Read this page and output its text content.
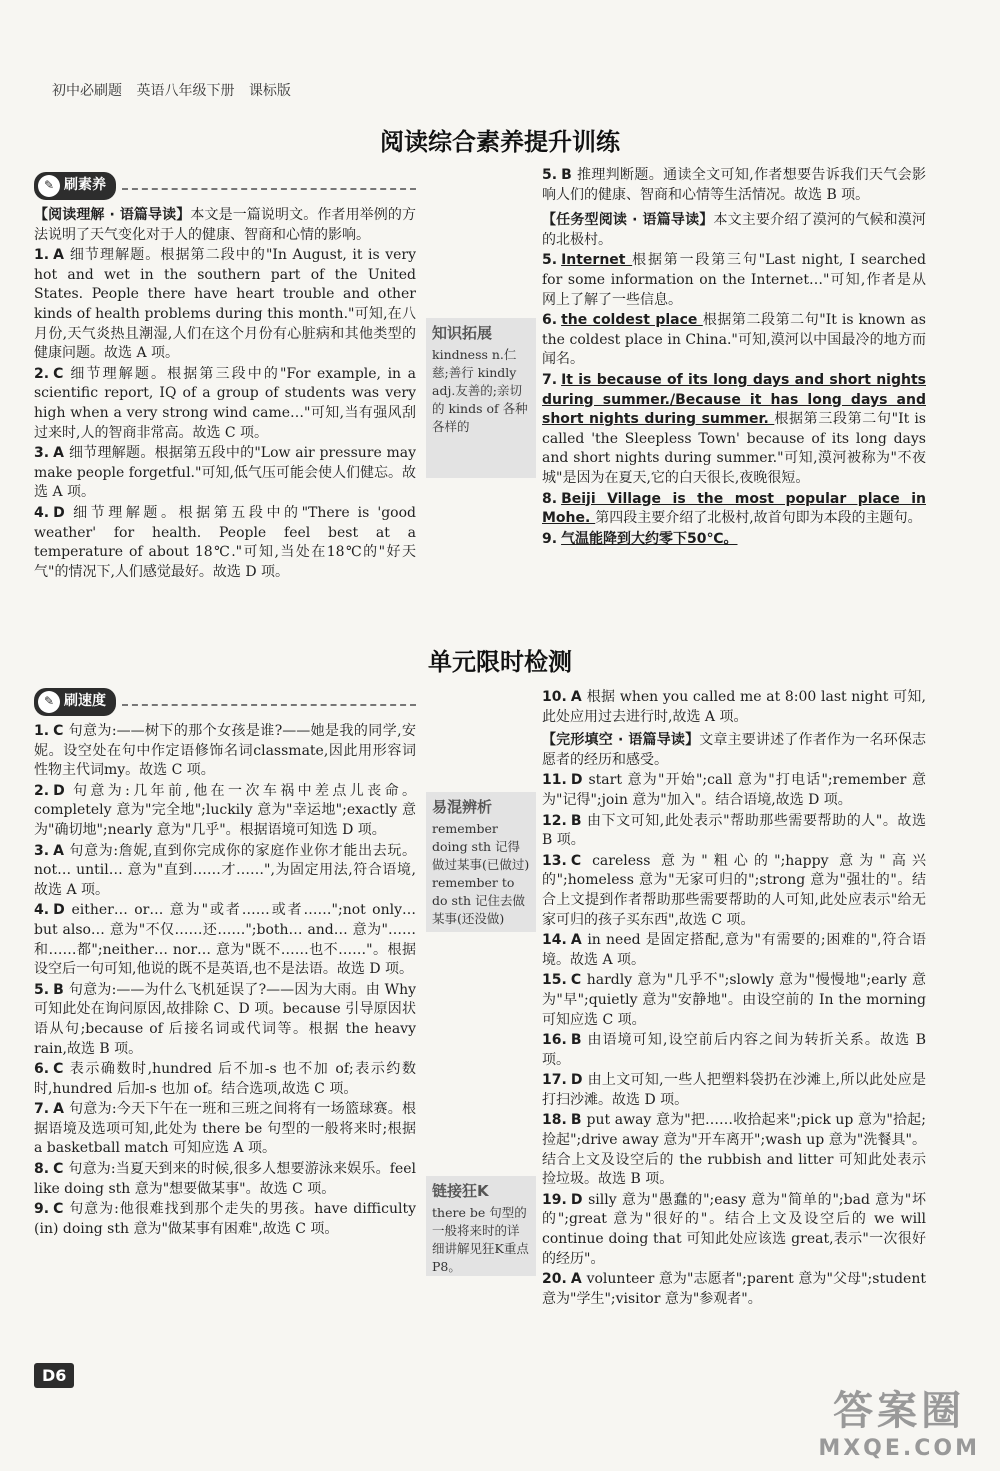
初中必刷题 英语八年级下册 课标版
阅读综合素养提升训练
✎ 刷素养

【阅读理解 · 语篇导读】本文是一篇说明文。作者用举例的方法说明了天气变化对于人的健康、智商和心情的影响。

1. A 细节理解题。根据第二段中的"In August, it is very hot and wet in the southern part of the United States. People there have heart trouble and other kinds of health problems during this month."可知,在八月份,天气炎热且潮湿,人们在这个月份有心脏病和其他类型的健康问题。故选 A 项。

2. C 细节理解题。根据第三段中的"For example, in a scientific report, IQ of a group of students was very high when a very strong wind came…"可知,当有强风刮过来时,人的智商非常高。故选 C 项。

3. A 细节理解题。根据第五段中的"Low air pressure may make people forgetful."可知,低气压可能会使人们健忘。故选 A 项。

4. D 细节理解题。根据第五段中的"There is 'good weather' for health. People feel best at a temperature of about 18℃."可知,当处在18℃的"好天气"的情况下,人们感觉最好。故选 D 项。

知识拓展
kindness n.仁慈;善行 kindly adj.友善的;亲切的 kinds of 各种各样的

5. B 推理判断题。通读全文可知,作者想要告诉我们天气会影响人们的健康、智商和心情等生活情况。故选 B 项。

【任务型阅读 · 语篇导读】本文主要介绍了漠河的气候和漠河的北极村。

5. Internet 根据第一段第三句"Last night, I searched for some information on the Internet…"可知,作者是从网上了解了一些信息。

6. the coldest place 根据第二段第二句"It is known as the coldest place in China."可知,漠河以中国最冷的地方而闻名。

7. It is because of its long days and short nights during summer./Because it has long days and short nights during summer. 根据第三段第二句"It is called 'the Sleepless Town' because of its long days and short nights during summer."可知,漠河被称为"不夜城"是因为在夏天,它的白天很长,夜晚很短。

8. Beiji Village is the most popular place in Mohe. 第四段主要介绍了北极村,故首句即为本段的主题句。

9. 气温能降到大约零下50℃。

单元限时检测
✎ 刷速度

1. C 句意为:——树下的那个女孩是谁?——她是我的同学,安妮。设空处在句中作定语修饰名词classmate,因此用形容词性物主代词my。故选 C 项。

2. D 句意为:几年前,他在一次车祸中差点儿丧命。completely 意为"完全地";luckily 意为"幸运地";exactly 意为"确切地";nearly 意为"几乎"。根据语境可知选 D 项。

3. A 句意为:詹妮,直到你完成你的家庭作业你才能出去玩。not… until… 意为"直到……才……",为固定用法,符合语境,故选 A 项。

4. D either… or… 意为"或者……或者……";not only… but also… 意为"不仅……还……";both… and… 意为"……和……都";neither… nor… 意为"既不……也不……"。根据设空后一句可知,他说的既不是英语,也不是法语。故选 D 项。

5. B 句意为:——为什么飞机延误了?——因为大雨。由 Why 可知此处在询问原因,故排除 C、D 项。because 引导原因状语从句;because of 后接名词或代词等。根据 the heavy rain,故选 B 项。

6. C 表示确数时,hundred 后不加-s 也不加 of;表示约数时,hundred 后加-s 也加 of。结合选项,故选 C 项。

7. A 句意为:今天下午在一班和三班之间将有一场篮球赛。根据语境及选项可知,此处为 there be 句型的一般将来时;根据 a basketball match 可知应选 A 项。

8. C 句意为:当夏天到来的时候,很多人想要游泳来娱乐。feel like doing sth 意为"想要做某事"。故选 C 项。

9. C 句意为:他很难找到那个走失的男孩。have difficulty (in) doing sth 意为"做某事有困难",故选 C 项。

易混辨析
remember doing sth 记得做过某事(已做过) remember to do sth 记住去做某事(还没做)
链接狂K
there be 句型的一般将来时的详细讲解见狂K重点P8。

10. A 根据 when you called me at 8:00 last night 可知,此处应用过去进行时,故选 A 项。

【完形填空 · 语篇导读】文章主要讲述了作者作为一名环保志愿者的经历和感受。

11. D start 意为"开始";call 意为"打电话";remember 意为"记得";join 意为"加入"。结合语境,故选 D 项。

12. B 由下文可知,此处表示"帮助那些需要帮助的人"。故选 B 项。

13. C careless 意为"粗心的";happy 意为"高兴的";homeless 意为"无家可归的";strong 意为"强壮的"。结合上文提到作者帮助那些需要帮助的人可知,此处应表示"给无家可归的孩子买东西",故选 C 项。

14. A in need 是固定搭配,意为"有需要的;困难的",符合语境。故选 A 项。

15. C hardly 意为"几乎不";slowly 意为"慢慢地";early 意为"早";quietly 意为"安静地"。由设空前的 In the morning 可知应选 C 项。

16. B 由语境可知,设空前后内容之间为转折关系。故选 B 项。

17. D 由上文可知,一些人把塑料袋扔在沙滩上,所以此处应是打扫沙滩。故选 D 项。

18. B put away 意为"把……收拾起来";pick up 意为"拾起;捡起";drive away 意为"开车离开";wash up 意为"洗餐具"。结合上文及设空后的 the rubbish and litter 可知此处表示捡垃圾。故选 B 项。

19. D silly 意为"愚蠢的";easy 意为"简单的";bad 意为"坏的";great 意为"很好的"。结合上文及设空后的 we will continue doing that 可知此处应该选 great,表示"一次很好的经历"。

20. A volunteer 意为"志愿者";parent 意为"父母";student 意为"学生";visitor 意为"参观者"。

D6
答案圈
MXQE.COM
